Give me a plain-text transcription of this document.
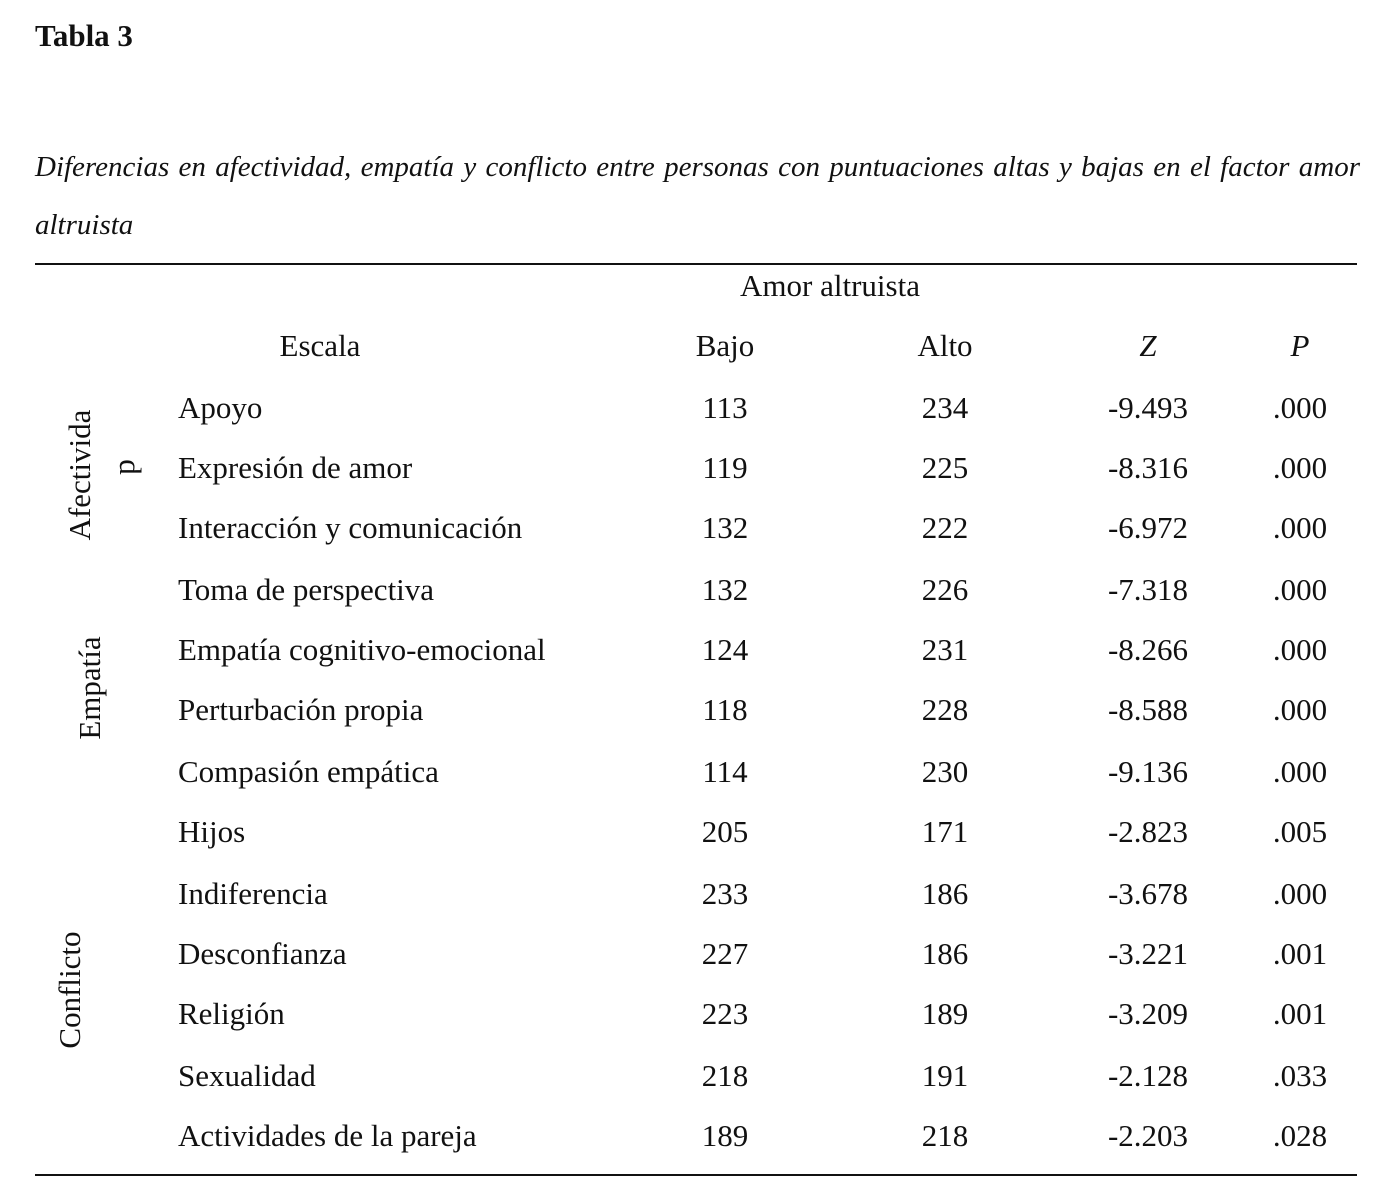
Tabla 3
Diferencias en afectividad, empatía y conflicto entre personas con puntuaciones altas y bajas en el factor amor altruista
Amor altruista
Escala	Bajo	Alto	Z	P
Afectivida d
Empatía
Conflicto
Apoyo	113	234	-9.493	.000
Expresión de amor	119	225	-8.316	.000
Interacción y comunicación	132	222	-6.972	.000
Toma de perspectiva	132	226	-7.318	.000
Empatía cognitivo-emocional	124	231	-8.266	.000
Perturbación propia	118	228	-8.588	.000
Compasión empática	114	230	-9.136	.000
Hijos	205	171	-2.823	.005
Indiferencia	233	186	-3.678	.000
Desconfianza	227	186	-3.221	.001
Religión	223	189	-3.209	.001
Sexualidad	218	191	-2.128	.033
Actividades de la pareja	189	218	-2.203	.028
